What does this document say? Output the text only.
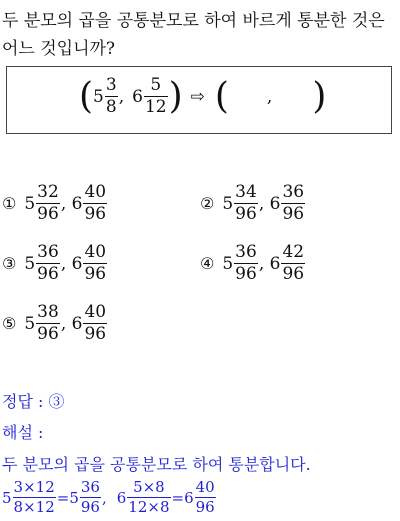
두 분모의 곱을 공통분모로 하여 바르게 통분한 것은
어느 것입니까?
( $5 \frac{3}{8}$ , $6 \frac{5}{12}$ ) ⇨ ( , )
① $5 \frac{32}{96}$ , $6 \frac{40}{96}$	② $5 \frac{34}{96}$ , $6 \frac{36}{96}$
③ $5 \frac{36}{96}$ , $6 \frac{40}{96}$	④ $5 \frac{36}{96}$ , $6 \frac{42}{96}$
⑤ $5 \frac{38}{96}$ , $6 \frac{40}{96}$
정답 : ③
해설 :
두 분모의 곱을 공통분모로 하여 통분합니다.
$5 \frac{3\times 12}{8\times 12} = 5 \frac{36}{96}$ , $6 \frac{5\times 8}{12\times 8} = 6 \frac{40}{96}$
